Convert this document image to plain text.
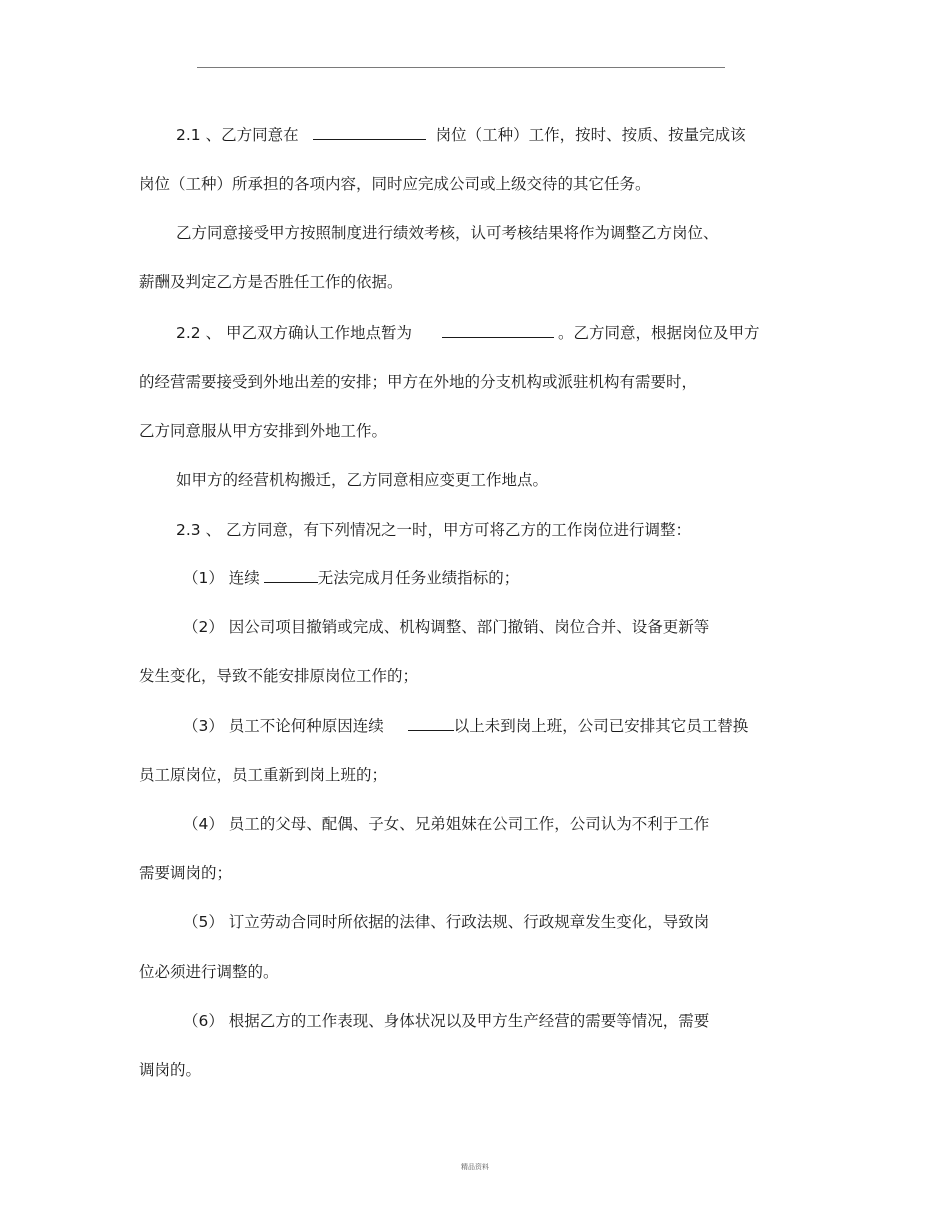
2.1 、乙方同意在	岗位（工种）工作，按时、按质、按量完成该
岗位（工种）所承担的各项内容，同时应完成公司或上级交待的其它任务。
乙方同意接受甲方按照制度进行绩效考核，认可考核结果将作为调整乙方岗位、
薪酬及判定乙方是否胜任工作的依据。
2.2 、 甲乙双方确认工作地点暂为	。乙方同意，根据岗位及甲方
的经营需要接受到外地出差的安排；甲方在外地的分支机构或派驻机构有需要时，
乙方同意服从甲方安排到外地工作。
如甲方的经营机构搬迁，乙方同意相应变更工作地点。
2.3 、 乙方同意，有下列情况之一时，甲方可将乙方的工作岗位进行调整：
（1） 连续	无法完成月任务业绩指标的；
（2） 因公司项目撤销或完成、机构调整、部门撤销、岗位合并、设备更新等
发生变化，导致不能安排原岗位工作的；
（3） 员工不论何种原因连续	以上未到岗上班，公司已安排其它员工替换
员工原岗位，员工重新到岗上班的；
（4） 员工的父母、配偶、子女、兄弟姐妹在公司工作，公司认为不利于工作
需要调岗的；
（5） 订立劳动合同时所依据的法律、行政法规、行政规章发生变化，导致岗
位必须进行调整的。
（6） 根据乙方的工作表现、身体状况以及甲方生产经营的需要等情况，需要
调岗的。
精品资料
